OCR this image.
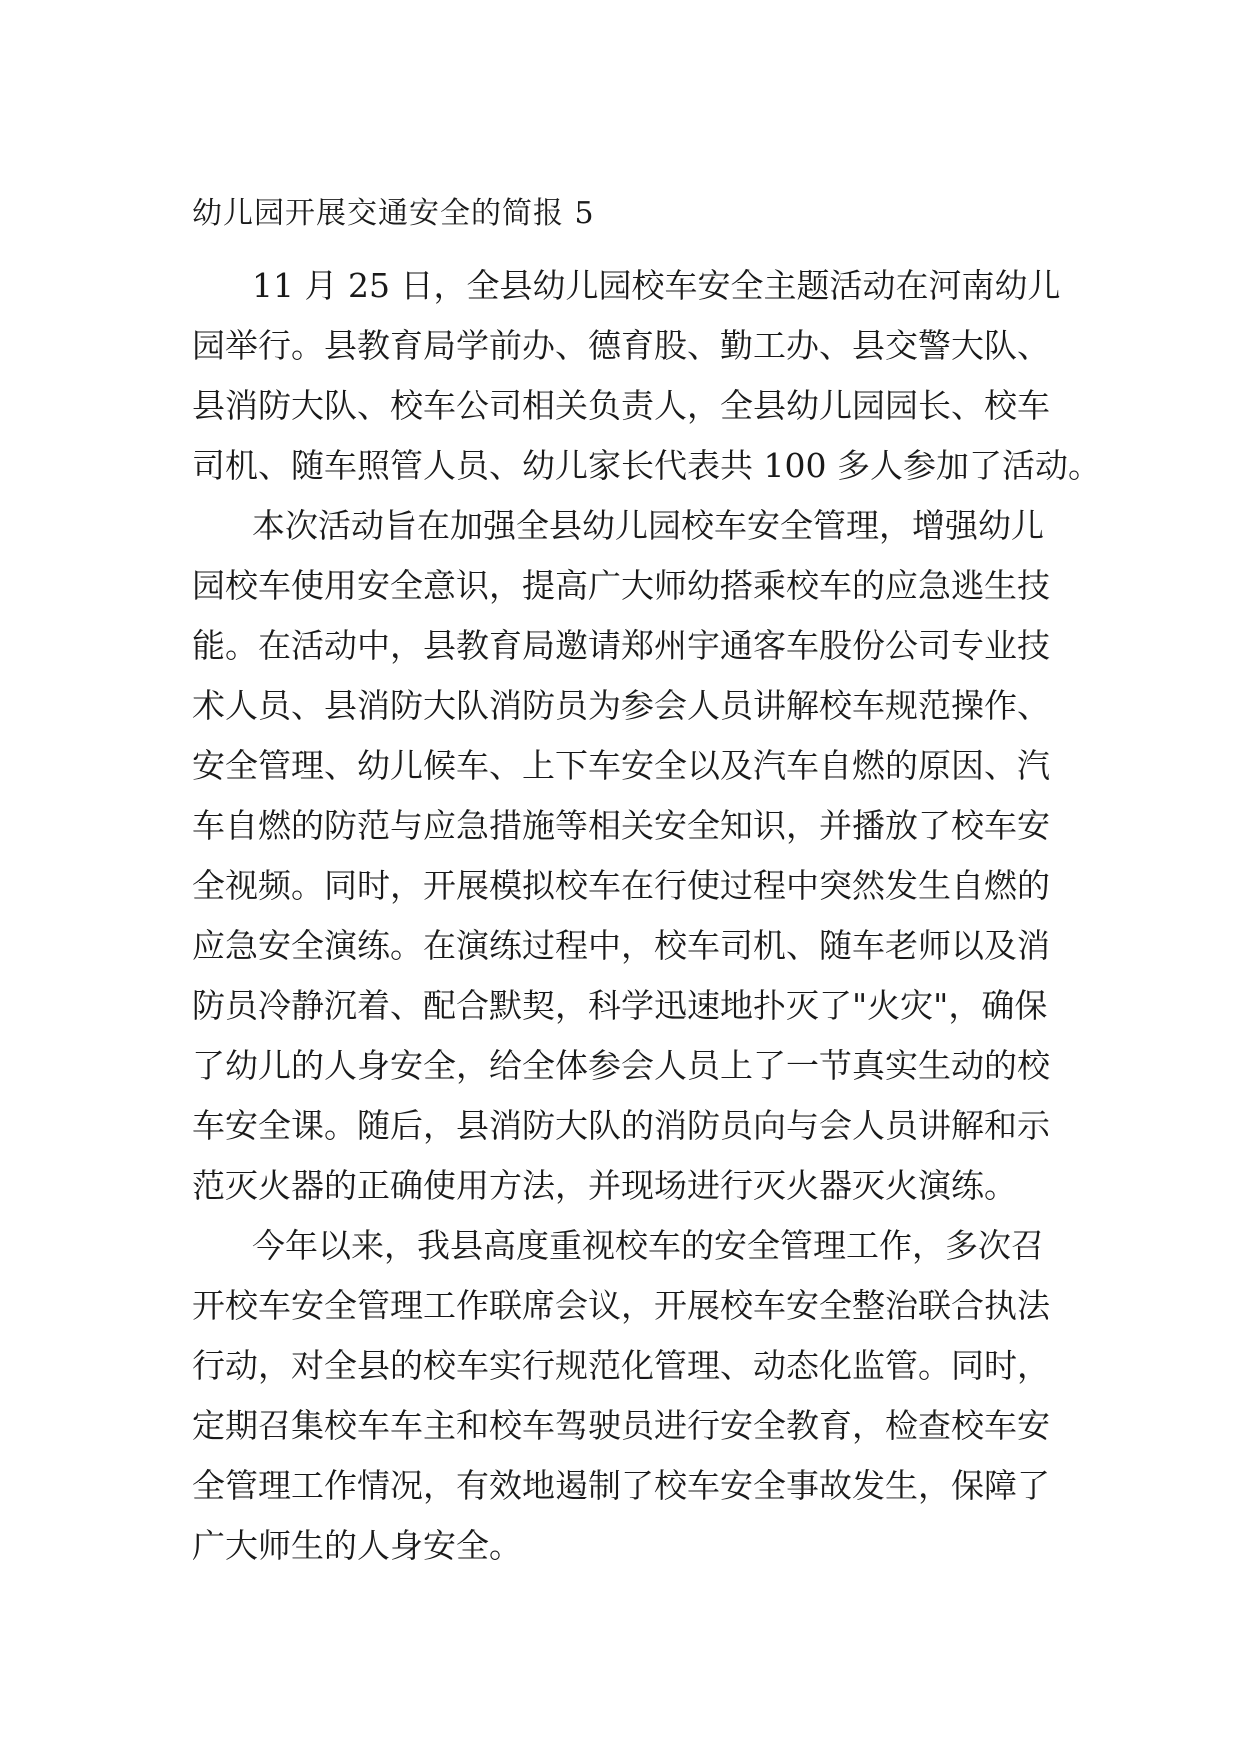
幼儿园开展交通安全的简报 5
11 月 25 日，全县幼儿园校车安全主题活动在河南幼儿
园举行。县教育局学前办、德育股、勤工办、县交警大队、
县消防大队、校车公司相关负责人，全县幼儿园园长、校车
司机、随车照管人员、幼儿家长代表共 100 多人参加了活动。
本次活动旨在加强全县幼儿园校车安全管理，增强幼儿
园校车使用安全意识，提高广大师幼搭乘校车的应急逃生技
能。在活动中，县教育局邀请郑州宇通客车股份公司专业技
术人员、县消防大队消防员为参会人员讲解校车规范操作、
安全管理、幼儿候车、上下车安全以及汽车自燃的原因、汽
车自燃的防范与应急措施等相关安全知识，并播放了校车安
全视频。同时，开展模拟校车在行使过程中突然发生自燃的
应急安全演练。在演练过程中，校车司机、随车老师以及消
防员冷静沉着、配合默契，科学迅速地扑灭了"火灾"，确保
了幼儿的人身安全，给全体参会人员上了一节真实生动的校
车安全课。随后，县消防大队的消防员向与会人员讲解和示
范灭火器的正确使用方法，并现场进行灭火器灭火演练。
今年以来，我县高度重视校车的安全管理工作，多次召
开校车安全管理工作联席会议，开展校车安全整治联合执法
行动，对全县的校车实行规范化管理、动态化监管。同时，
定期召集校车车主和校车驾驶员进行安全教育，检查校车安
全管理工作情况，有效地遏制了校车安全事故发生，保障了
广大师生的人身安全。
